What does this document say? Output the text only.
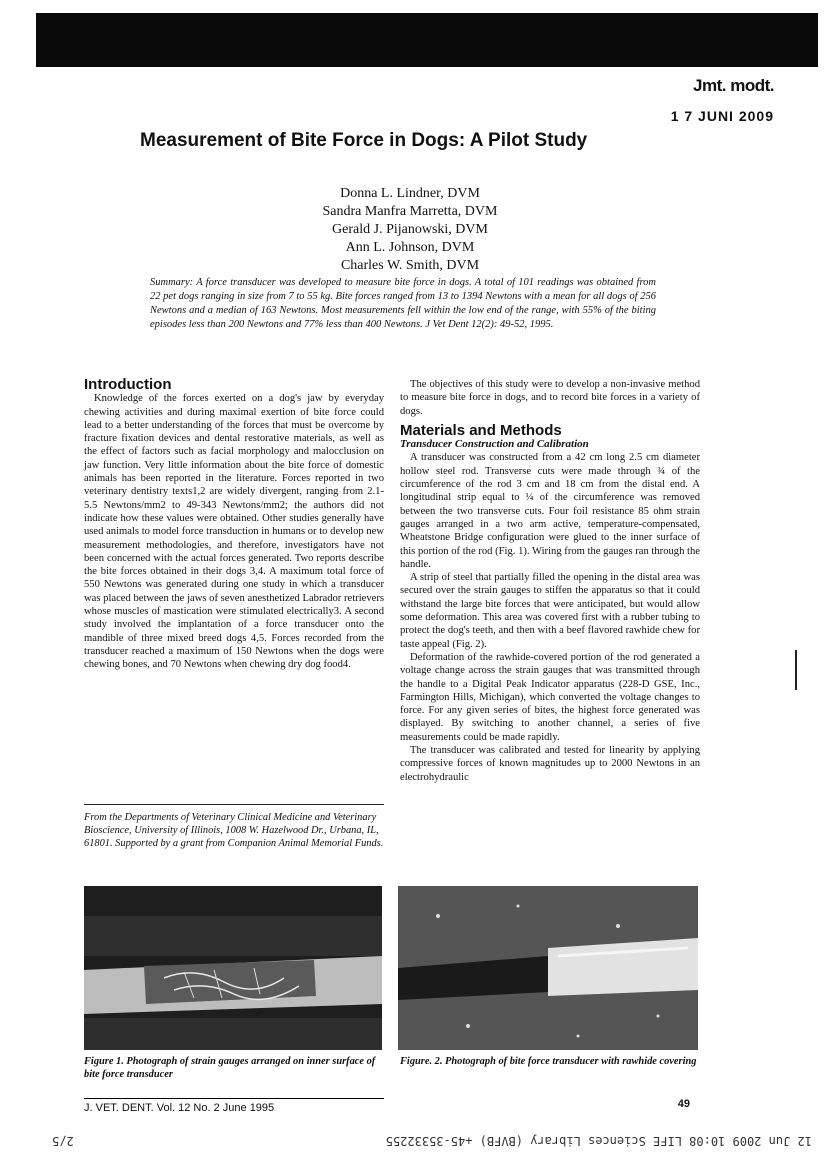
Jmt. modt.
1 7 JUNI 2009
Measurement of Bite Force in Dogs: A Pilot Study
Donna L. Lindner, DVM
Sandra Manfra Marretta, DVM
Gerald J. Pijanowski, DVM
Ann L. Johnson, DVM
Charles W. Smith, DVM
Summary: A force transducer was developed to measure bite force in dogs. A total of 101 readings was obtained from 22 pet dogs ranging in size from 7 to 55 kg. Bite forces ranged from 13 to 1394 Newtons with a mean for all dogs of 256 Newtons and a median of 163 Newtons. Most measurements fell within the low end of the range, with 55% of the biting episodes less than 200 Newtons and 77% less than 400 Newtons. J Vet Dent 12(2): 49-52, 1995.
Introduction

Knowledge of the forces exerted on a dog's jaw by everyday chewing activities and during maximal exertion of bite force could lead to a better understanding of the forces that must be overcome by fracture fixation devices and dental restorative materials, as well as the effect of factors such as facial morphology and malocclusion on jaw function. Very little information about the bite force of domestic animals has been reported in the literature. Forces reported in two veterinary dentistry texts1,2 are widely divergent, ranging from 2.1-5.5 Newtons/mm2 to 49-343 Newtons/mm2; the authors did not indicate how these values were obtained. Other studies generally have used animals to model force transduction in humans or to develop new measurement methodologies, and therefore, investigators have not been concerned with the actual forces generated. Two reports describe the bite forces obtained in their dogs 3,4. A maximum total force of 550 Newtons was generated during one study in which a transducer was placed between the jaws of seven anesthetized Labrador retrievers whose muscles of mastication were stimulated electrically3. A second study involved the implantation of a force transducer onto the mandible of three mixed breed dogs 4,5. Forces recorded from the transducer reached a maximum of 150 Newtons when the dogs were chewing bones, and 70 Newtons when chewing dry dog food4.

From the Departments of Veterinary Clinical Medicine and Veterinary Bioscience, University of Illinois, 1008 W. Hazelwood Dr., Urbana, IL, 61801. Supported by a grant from Companion Animal Memorial Funds.

The objectives of this study were to develop a non-invasive method to measure bite force in dogs, and to record bite forces in a variety of dogs.

Materials and Methods
Transducer Construction and Calibration

A transducer was constructed from a 42 cm long 2.5 cm diameter hollow steel rod. Transverse cuts were made through ¾ of the circumference of the rod 3 cm and 18 cm from the distal end. A longitudinal strip equal to ¼ of the circumference was removed between the two transverse cuts. Four foil resistance 85 ohm strain gauges arranged in a two arm active, temperature-compensated, Wheatstone Bridge configuration were glued to the inner surface of this portion of the rod (Fig. 1). Wiring from the gauges ran through the handle.

A strip of steel that partially filled the opening in the distal area was secured over the strain gauges to stiffen the apparatus so that it could withstand the large bite forces that were anticipated, but would allow some deformation. This area was covered first with a rubber tubing to protect the dog's teeth, and then with a beef flavored rawhide chew for taste appeal (Fig. 2).

Deformation of the rawhide-covered portion of the rod generated a voltage change across the strain gauges that was transmitted through the handle to a Digital Peak Indicator apparatus (228-D GSE, Inc., Farmington Hills, Michigan), which converted the voltage changes to force. For any given series of bites, the highest force generated was displayed. By switching to another channel, a series of five measurements could be made rapidly.

The transducer was calibrated and tested for linearity by applying compressive forces of known magnitudes up to 2000 Newtons in an electrohydraulic

Figure 1. Photograph of strain gauges arranged on inner surface of bite force transducer
Figure. 2. Photograph of bite force transducer with rawhide covering
J. VET. DENT. Vol. 12 No. 2 June 1995	49
12 Jun 2009 10:08 LIFE Sciences Library (BVFB) +45-35332255
2/5
